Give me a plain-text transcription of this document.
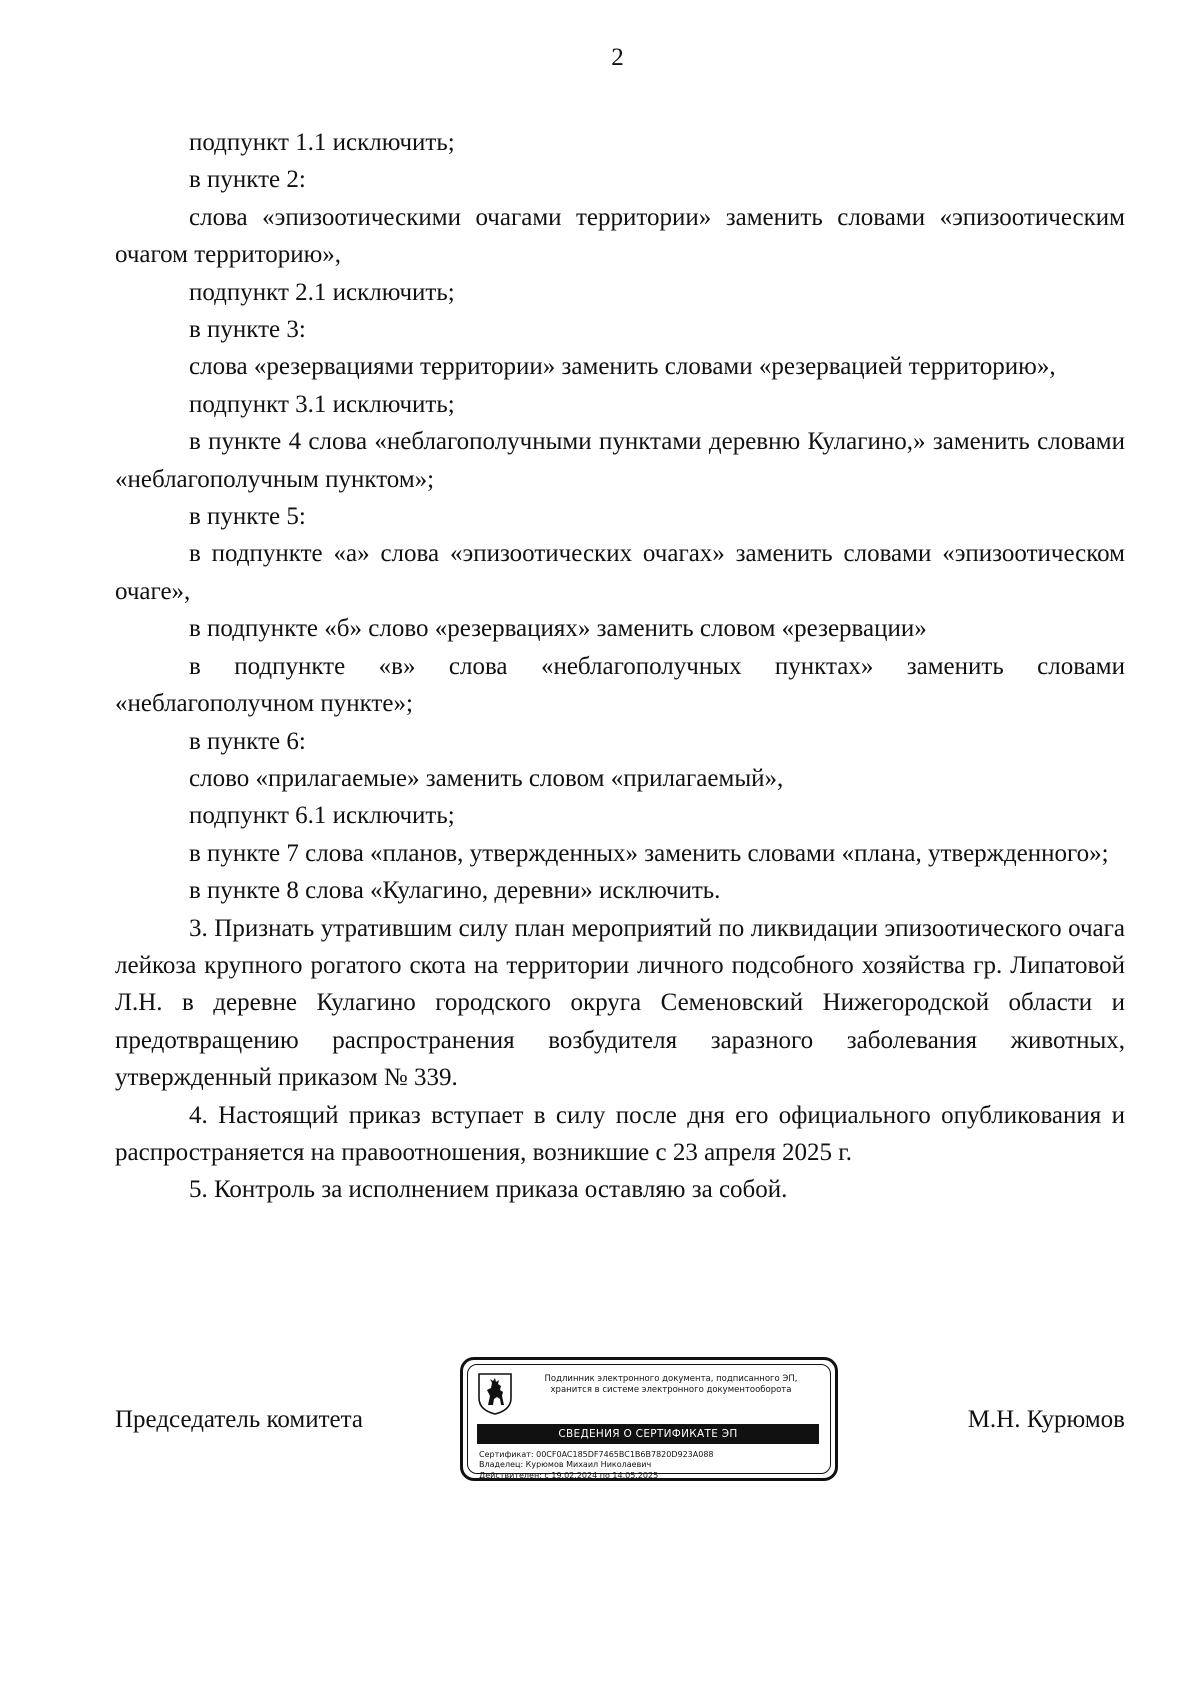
2

подпункт 1.1 исключить;

в пункте 2:

слова «эпизоотическими очагами территории» заменить словами «эпизоотическим очагом территорию»,

подпункт 2.1 исключить;

в пункте 3:

слова «резервациями территории» заменить словами «резервацией территорию»,

подпункт 3.1 исключить;

в пункте 4 слова «неблагополучными пунктами деревню Кулагино,» заменить словами «неблагополучным пунктом»;

в пункте 5:

в подпункте «а» слова «эпизоотических очагах» заменить словами «эпизоотическом очаге»,

в подпункте «б» слово «резервациях» заменить словом «резервации»

в подпункте «в» слова «неблагополучных пунктах» заменить словами «неблагополучном пункте»;

в пункте 6:

слово «прилагаемые» заменить словом «прилагаемый»,

подпункт 6.1 исключить;

в пункте 7 слова «планов, утвержденных» заменить словами «плана, утвержденного»;

в пункте 8 слова «Кулагино, деревни» исключить.

3. Признать утратившим силу план мероприятий по ликвидации эпизоотического очага лейкоза крупного рогатого скота на территории личного подсобного хозяйства гр. Липатовой Л.Н. в деревне Кулагино городского округа Семеновский Нижегородской области и предотвращению распространения возбудителя заразного заболевания животных, утвержденный приказом № 339.

4. Настоящий приказ вступает в силу после дня его официального опубликования и распространяется на правоотношения, возникшие с 23 апреля 2025 г.

5. Контроль за исполнением приказа оставляю за собой.

Председатель комитета
Подлинник электронного документа, подписанного ЭП,
хранится в системе электронного документооборота
СВЕДЕНИЯ О СЕРТИФИКАТЕ ЭП
Сертификат: 00CF0AC185DF7465BC1B6B7820D923A088
Владелец: Курюмов Михаил Николаевич
Действителен: с 19.02.2024 по 14.05.2025
М.Н. Курюмов
